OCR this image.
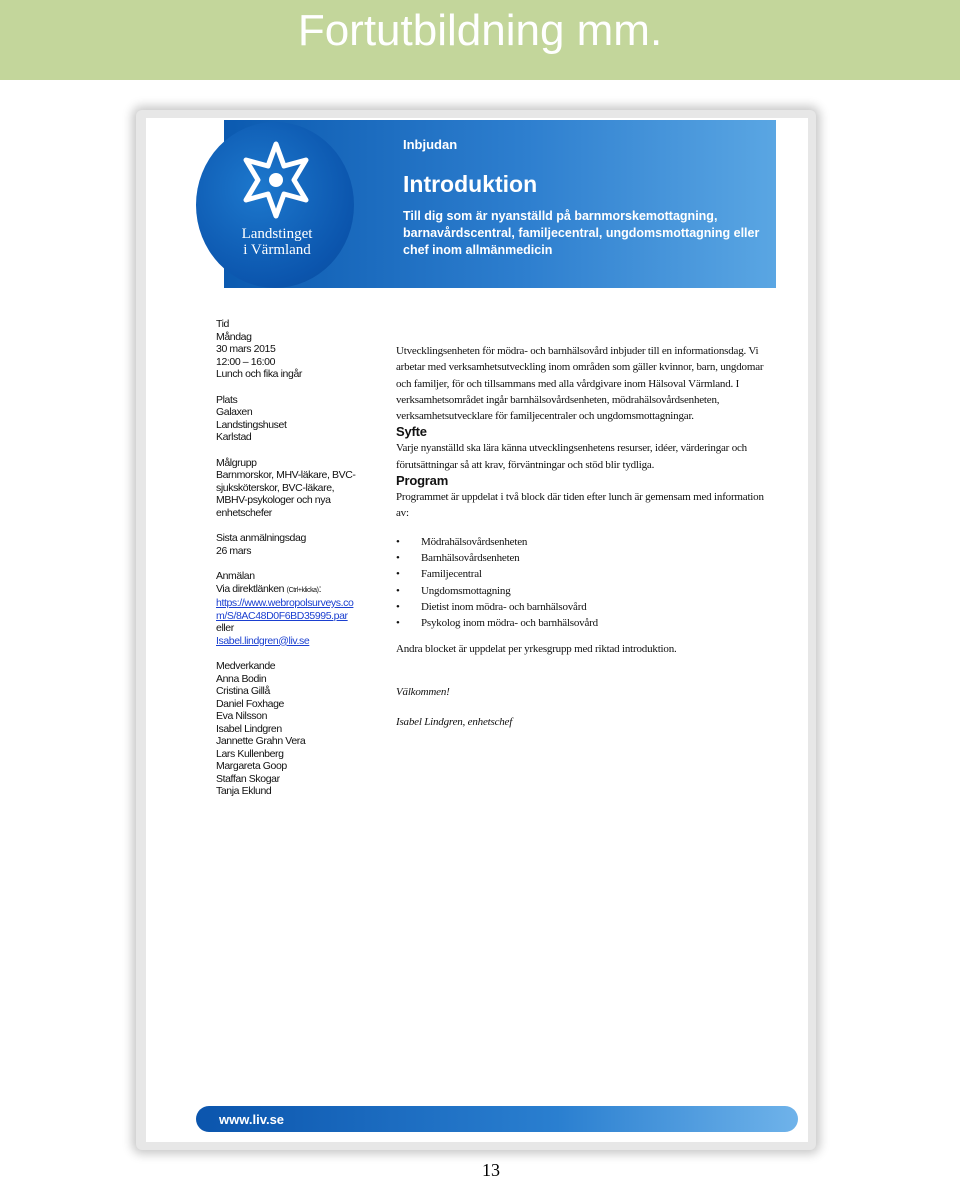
Fortutbildning mm.
Landstinget
i Värmland
Inbjudan
Introduktion
Till dig som är nyanställd på barnmorskemottagning, barnavårdscentral, familjecentral, ungdomsmottagning eller chef inom allmänmedicin

Tid

Måndag

30 mars 2015

12:00 – 16:00

Lunch och fika ingår

Plats

Galaxen

Landstingshuset

Karlstad

Målgrupp

Barnmorskor, MHV-läkare, BVC-sjuksköterskor, BVC-läkare, MBHV-psykologer och nya enhetschefer

Sista anmälningsdag

26 mars

Anmälan

Via direktlänken (Ctrl+klicka):

https://www.webropolsurveys.co

m/S/8AC48D0F6BD35995.par

eller

Isabel.lindgren@liv.se

Medverkande

Anna Bodin

Cristina Gillå

Daniel Foxhage

Eva Nilsson

Isabel Lindgren

Jannette Grahn Vera

Lars Kullenberg

Margareta Goop

Staffan Skogar

Tanja Eklund

Utvecklingsenheten för mödra- och barnhälsovård inbjuder till en informationsdag. Vi arbetar med verksamhetsutveckling inom områden som gäller kvinnor, barn, ungdomar och familjer, för och tillsammans med alla vårdgivare inom Hälsoval Värmland. I verksamhetsområdet ingår barnhälsovårdsenheten, mödrahälsovårdsenheten, verksamhetsutvecklare för familjecentraler och ungdomsmottagningar.

Syfte

Varje nyanställd ska lära känna utvecklingsenhetens resurser, idéer, värderingar och förutsättningar så att krav, förväntningar och stöd blir tydliga.

Program

Programmet är uppdelat i två block där tiden efter lunch är gemensam med information av:

• Mödrahälsovårdsenheten
• Barnhälsovårdsenheten
• Familjecentral
• Ungdomsmottagning
• Dietist inom mödra- och barnhälsovård
• Psykolog inom mödra- och barnhälsovård

Andra blocket är uppdelat per yrkesgrupp med riktad introduktion.

Välkommen!

Isabel Lindgren, enhetschef

www.liv.se
13
